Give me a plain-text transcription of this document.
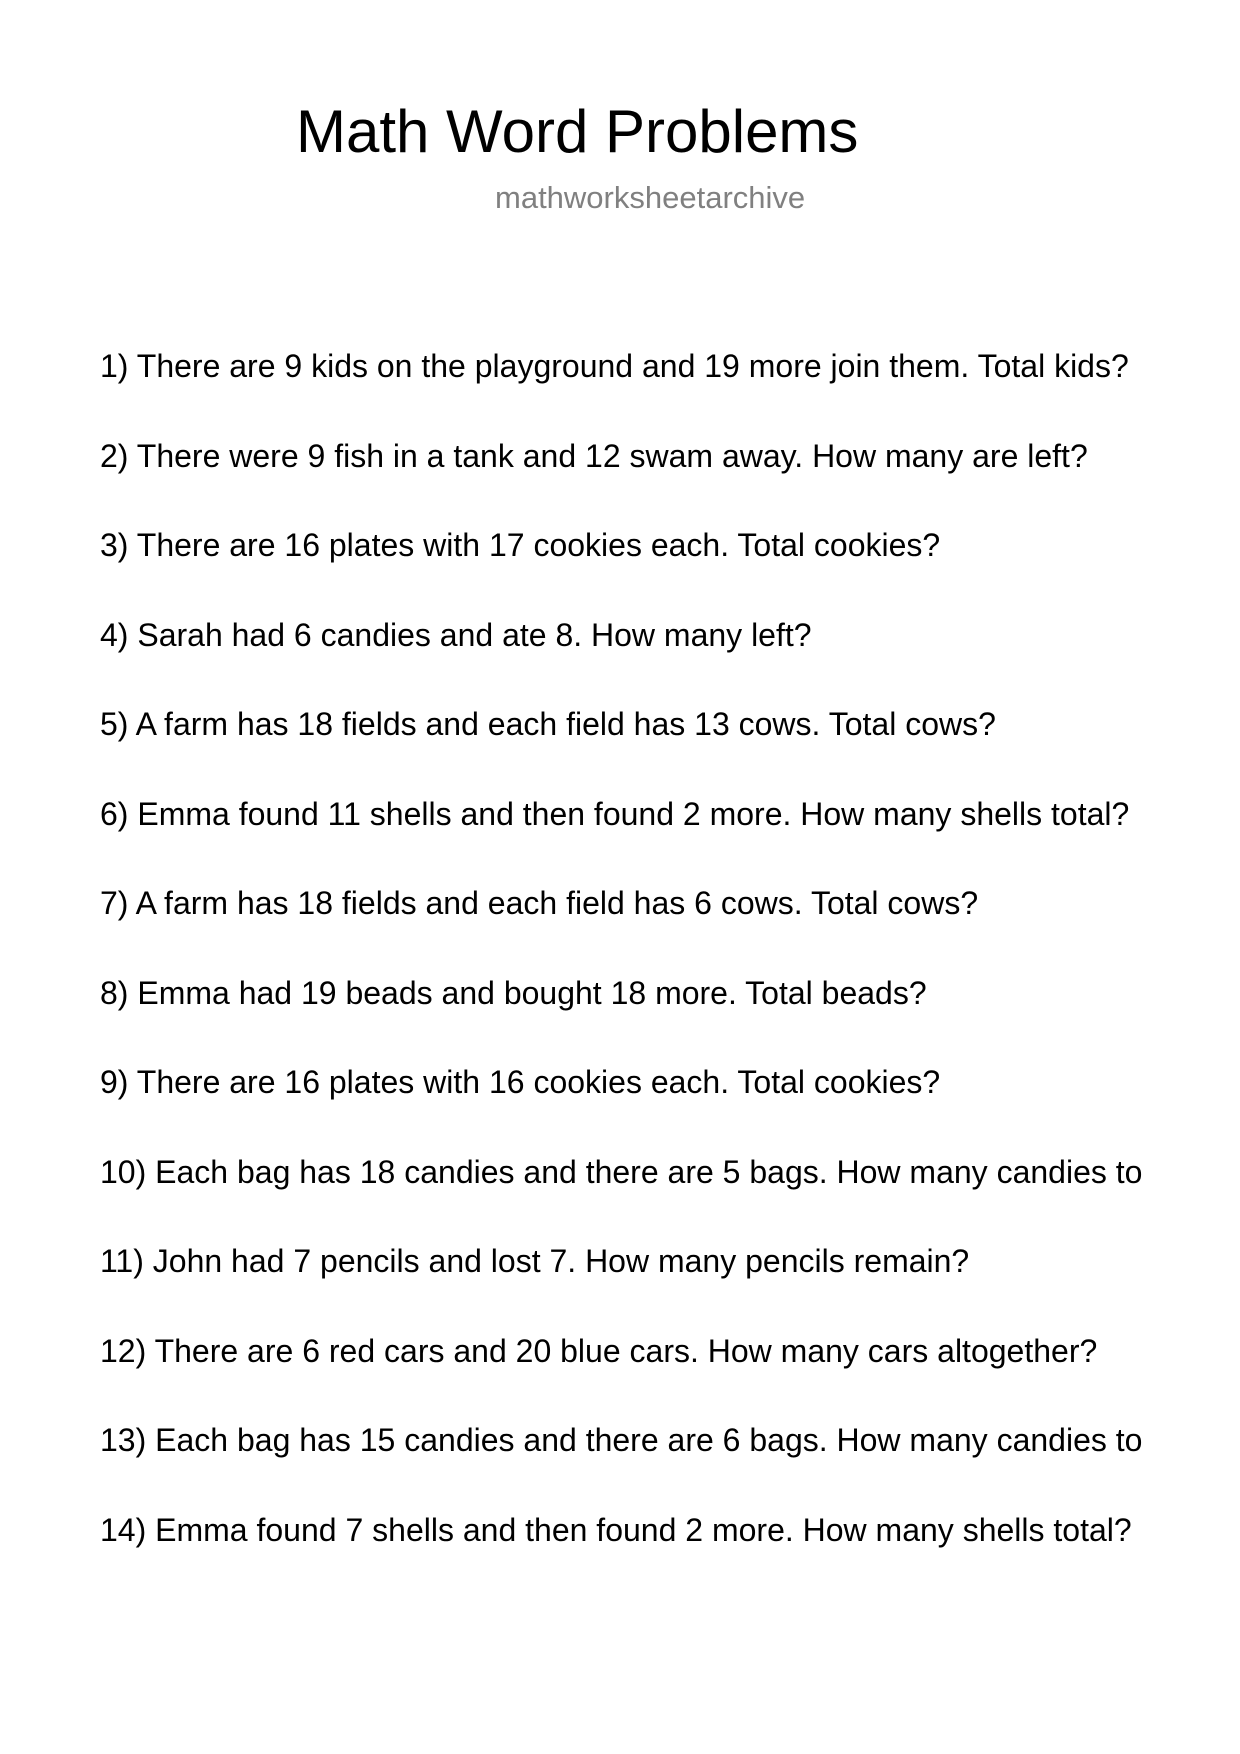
Math Word Problems
mathworksheetarchive
1) There are 9 kids on the playground and 19 more join them. Total kids?
2) There were 9 fish in a tank and 12 swam away. How many are left?
3) There are 16 plates with 17 cookies each. Total cookies?
4) Sarah had 6 candies and ate 8. How many left?
5) A farm has 18 fields and each field has 13 cows. Total cows?
6) Emma found 11 shells and then found 2 more. How many shells total?
7) A farm has 18 fields and each field has 6 cows. Total cows?
8) Emma had 19 beads and bought 18 more. Total beads?
9) There are 16 plates with 16 cookies each. Total cookies?
10) Each bag has 18 candies and there are 5 bags. How many candies to
11) John had 7 pencils and lost 7. How many pencils remain?
12) There are 6 red cars and 20 blue cars. How many cars altogether?
13) Each bag has 15 candies and there are 6 bags. How many candies to
14) Emma found 7 shells and then found 2 more. How many shells total?
